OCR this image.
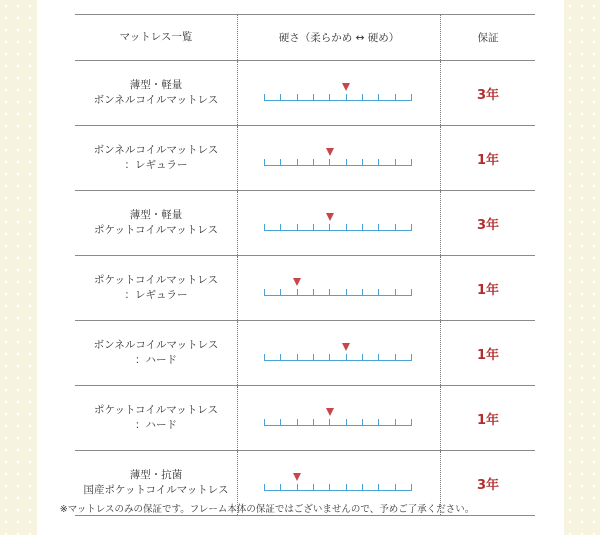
マットレス一覧	硬さ（柔らかめ ↔ 硬め）	保証
薄型・軽量
ボンネルコイルマットレス	3年
ボンネルコイルマットレス
：レギュラー	1年
薄型・軽量
ポケットコイルマットレス	3年
ポケットコイルマットレス
：レギュラー	1年
ボンネルコイルマットレス
：ハード	1年
ポケットコイルマットレス
：ハード	1年
薄型・抗菌
国産ポケットコイルマットレス	3年
※マットレスのみの保証です。フレーム本体の保証ではございませんので、予めご了承ください。
